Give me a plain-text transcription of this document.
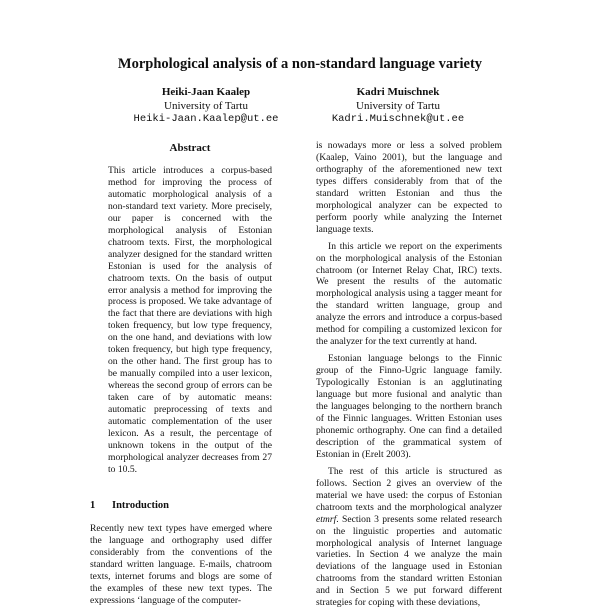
Morphological analysis of a non-standard language variety
Heiki-Jaan Kaalep
University of Tartu
Heiki-Jaan.Kaalep@ut.ee
Kadri Muischnek
University of Tartu
Kadri.Muischnek@ut.ee
Abstract

This article introduces a corpus-based method for improving the process of automatic morphological analysis of a non-standard text variety. More precisely, our paper is concerned with the morphological analysis of Estonian chatroom texts. First, the morphological analyzer designed for the standard written Estonian is used for the analysis of chatroom texts. On the basis of output error analysis a method for improving the process is proposed. We take advantage of the fact that there are deviations with high token frequency, but low type frequency, on the one hand, and deviations with low token frequency, but high type frequency, on the other hand. The first group has to be manually compiled into a user lexicon, whereas the second group of errors can be taken care of by automatic means: automatic preprocessing of texts and automatic complementation of the user lexicon. As a result, the percentage of unknown tokens in the output of the morphological analyzer decreases from 27 to 10.5.

1 Introduction

Recently new text types have emerged where the language and orthography used differ considerably from the conventions of the standard written language. E-mails, chatroom texts, internet forums and blogs are some of the examples of these new text types. The expressions ‘language of the computer-

is nowadays more or less a solved problem (Kaalep, Vaino 2001), but the language and orthography of the aforementioned new text types differs considerably from that of the standard written Estonian and thus the morphological analyzer can be expected to perform poorly while analyzing the Internet language texts.

In this article we report on the experiments on the morphological analysis of the Estonian chatroom (or Internet Relay Chat, IRC) texts. We present the results of the automatic morphological analysis using a tagger meant for the standard written language, group and analyze the errors and introduce a corpus-based method for compiling a customized lexicon for the analyzer for the text currently at hand.

Estonian language belongs to the Finnic group of the Finno-Ugric language family. Typologically Estonian is an agglutinating language but more fusional and analytic than the languages belonging to the northern branch of the Finnic languages. Written Estonian uses phonemic orthography. One can find a detailed description of the grammatical system of Estonian in (Erelt 2003).

The rest of this article is structured as follows. Section 2 gives an overview of the material we have used: the corpus of Estonian chatroom texts and the morphological analyzer etmrf. Section 3 presents some related research on the linguistic properties and automatic morphological analysis of Internet language varieties. In Section 4 we analyze the main deviations of the language used in Estonian chatrooms from the standard written Estonian and in Section 5 we put forward different strategies for coping with these deviations,
